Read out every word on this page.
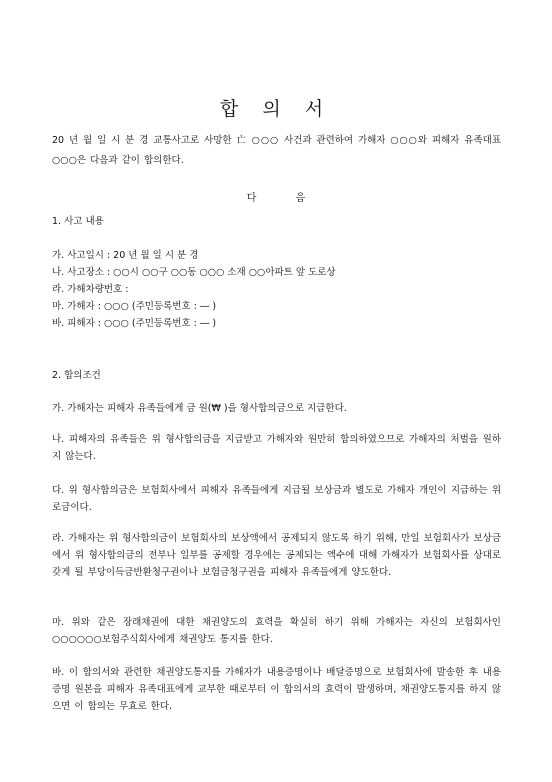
합 의 서
20 년 월 일 시 분 경 교통사고로 사망한 亡 ○○○ 사건과 관련하여 가해자 ○○○와 피해자 유족대표 ○○○은 다음과 같이 합의한다.
다	음
1. 사고 내용
가. 사고일시 : 20 년 월 일 시 분 경
나. 사고장소 : ○○시 ○○구 ○○동 ○○○ 소재 ○○아파트 앞 도로상
라. 가해차량번호 :
마. 가해자 : ○○○ (주민등록번호 : ― )
바. 피해자 : ○○○ (주민등록번호 : ― )
2. 합의조건
가. 가해자는 피해자 유족들에게 금 원(₩ )을 형사합의금으로 지급한다.
나. 피해자의 유족들은 위 형사합의금을 지급받고 가해자와 원만히 합의하였으므로 가해자의 처벌을 원하지 않는다.
다. 위 형사합의금은 보험회사에서 피해자 유족들에게 지급될 보상금과 별도로 가해자 개인이 지급하는 위로금이다.
라. 가해자는 위 형사합의금이 보험회사의 보상액에서 공제되지 않도록 하기 위해, 만일 보험회사가 보상금에서 위 형사합의금의 전부나 일부를 공제할 경우에는 공제되는 액수에 대해 가해자가 보험회사를 상대로 갖게 될 부당이득금반환청구권이나 보험금청구권을 피해자 유족들에게 양도한다.
마. 위와 같은 장래채권에 대한 채권양도의 효력을 확실히 하기 위해 가해자는 자신의 보험회사인 ○○○○○○보험주식회사에게 채권양도 통지를 한다.
바. 이 합의서와 관련한 채권양도통지를 가해자가 내용증명이나 배달증명으로 보험회사에 발송한 후 내용증명 원본을 피해자 유족대표에게 교부한 때로부터 이 합의서의 효력이 발생하며, 채권양도통지를 하지 않으면 이 합의는 무효로 한다.
